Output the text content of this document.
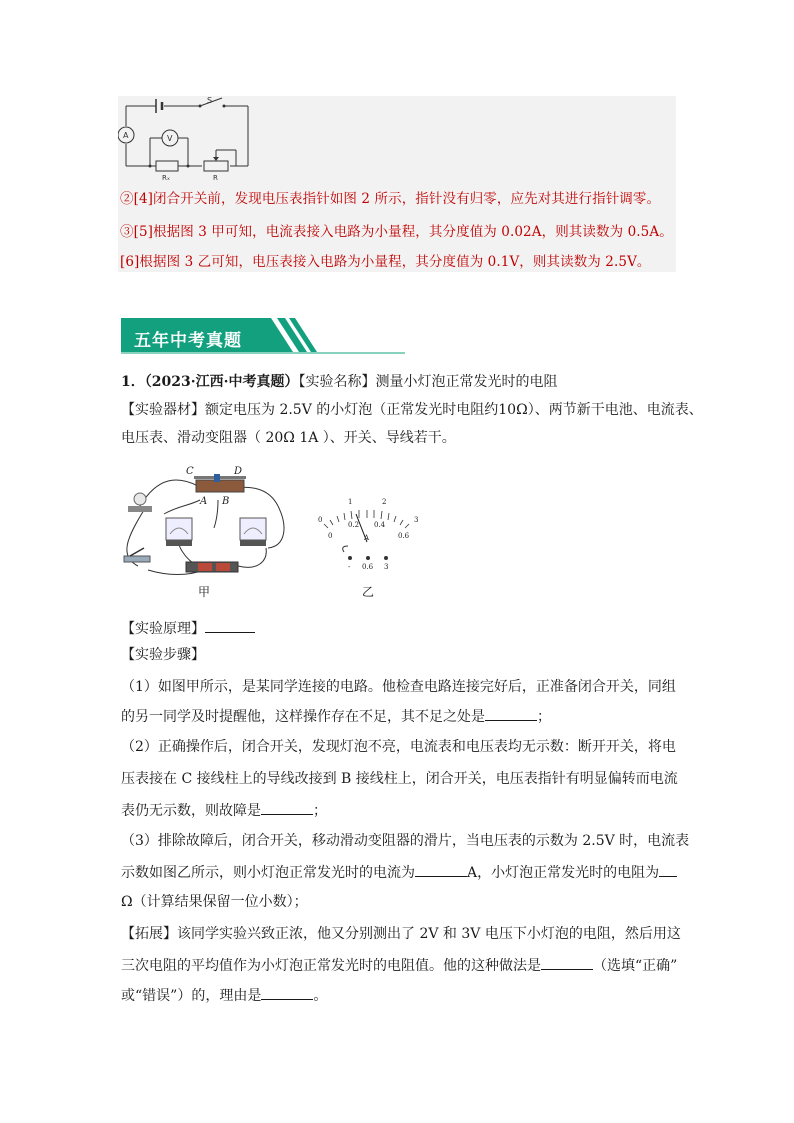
S
A	V
Rₓ	R
②[4]闭合开关前，发现电压表指针如图 2 所示，指针没有归零，应先对其进行指针调零。
③[5]根据图 3 甲可知，电流表接入电路为小量程，其分度值为 0.02A，则其读数为 0.5A。
[6]根据图 3 乙可知，电压表接入电路为小量程，其分度值为 0.1V，则其读数为 2.5V。
五年中考真题
1．（2023·江西·中考真题）【实验名称】测量小灯泡正常发光时的电阻
【实验器材】额定电压为 2.5V 的小灯泡（正常发光时电阻约10Ω）、两节新干电池、电流表、
电压表、滑动变阻器（ 20Ω 1A ）、开关、导线若干。
C	D
A B
甲
0
1	2
3
0
0.2 0.4
0.6
A
- 0.6 3
乙
【实验原理】
【实验步骤】
（1）如图甲所示，是某同学连接的电路。他检查电路连接完好后，正准备闭合开关，同组
的另一同学及时提醒他，这样操作存在不足，其不足之处是	；
（2）正确操作后，闭合开关，发现灯泡不亮，电流表和电压表均无示数：断开开关，将电
压表接在 C 接线柱上的导线改接到 B 接线柱上，闭合开关，电压表指针有明显偏转而电流
表仍无示数，则故障是	；
（3）排除故障后，闭合开关，移动滑动变阻器的滑片，当电压表的示数为 2.5V 时，电流表
示数如图乙所示，则小灯泡正常发光时的电流为	A，小灯泡正常发光时的电阻为
Ω（计算结果保留一位小数）；
【拓展】该同学实验兴致正浓，他又分别测出了 2V 和 3V 电压下小灯泡的电阻，然后用这
三次电阻的平均值作为小灯泡正常发光时的电阻值。他的这种做法是	（选填“正确”
或“错误”）的，理由是	。
